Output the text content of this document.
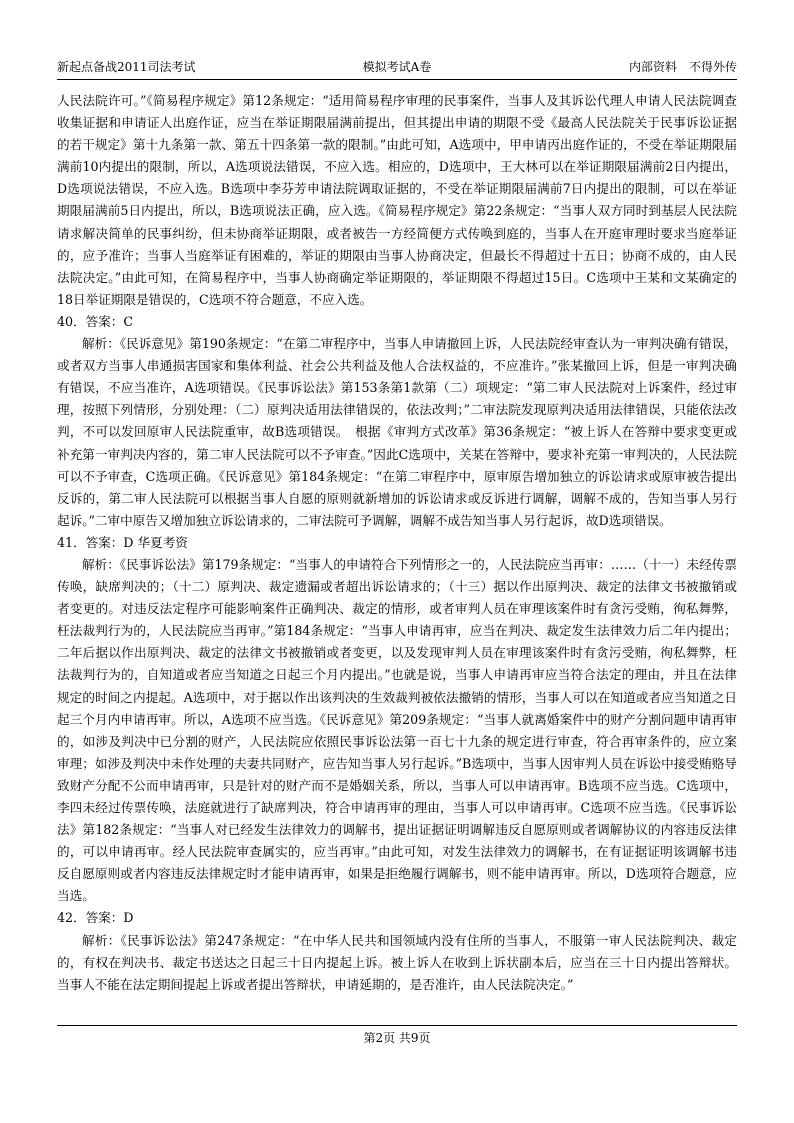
新起点备战2011司法考试	模拟考试A卷	内部资料　不得外传

人民法院许可。”《简易程序规定》第12条规定：“适用简易程序审理的民事案件，当事人及其诉讼代理人申请人民法院调查收集证据和申请证人出庭作证，应当在举证期限届满前提出，但其提出申请的期限不受《最高人民法院关于民事诉讼证据的若干规定》第十九条第一款、第五十四条第一款的限制。”由此可知，A选项中，甲申请丙出庭作证的，不受在举证期限届满前10内提出的限制，所以，A选项说法错误，不应入选。相应的，D选项中，王大林可以在举证期限届满前2日内提出，D选项说法错误，不应入选。B选项中李芬芳申请法院调取证据的，不受在举证期限届满前7日内提出的限制，可以在举证期限届满前5日内提出，所以，B选项说法正确，应入选。《简易程序规定》第22条规定：“当事人双方同时到基层人民法院请求解决简单的民事纠纷，但未协商举证期限，或者被告一方经简便方式传唤到庭的，当事人在开庭审理时要求当庭举证的，应予准许；当事人当庭举证有困难的，举证的期限由当事人协商决定，但最长不得超过十五日；协商不成的，由人民法院决定。”由此可知，在简易程序中，当事人协商确定举证期限的，举证期限不得超过15日。C选项中王某和文某确定的18日举证期限是错误的，C选项不符合题意，不应入选。

40．答案：C

解析：《民诉意见》第190条规定：“在第二审程序中，当事人申请撤回上诉，人民法院经审查认为一审判决确有错误，或者双方当事人串通损害国家和集体利益、社会公共利益及他人合法权益的，不应准许。”张某撤回上诉，但是一审判决确有错误，不应当准许，A选项错误。《民事诉讼法》第153条第1款第（二）项规定：“第二审人民法院对上诉案件，经过审理，按照下列情形，分别处理：（二）原判决适用法律错误的，依法改判；”二审法院发现原判决适用法律错误，只能依法改判，不可以发回原审人民法院重审，故B选项错误。　根据《审判方式改革》第36条规定：“被上诉人在答辩中要求变更或补充第一审判决内容的，第二审人民法院可以不予审查。”因此C选项中，关某在答辩中，要求补充第一审判决的，人民法院可以不予审查，C选项正确。《民诉意见》第184条规定：“在第二审程序中，原审原告增加独立的诉讼请求或原审被告提出反诉的，第二审人民法院可以根据当事人自愿的原则就新增加的诉讼请求或反诉进行调解，调解不成的，告知当事人另行起诉。”二审中原告又增加独立诉讼请求的，二审法院可予调解，调解不成告知当事人另行起诉，故D选项错误。

41．答案：D 华夏考资

解析：《民事诉讼法》第179条规定：“当事人的申请符合下列情形之一的，人民法院应当再审：……（十一）未经传票传唤，缺席判决的；（十二）原判决、裁定遗漏或者超出诉讼请求的；（十三）据以作出原判决、裁定的法律文书被撤销或者变更的。对违反法定程序可能影响案件正确判决、裁定的情形，或者审判人员在审理该案件时有贪污受贿，徇私舞弊，枉法裁判行为的，人民法院应当再审。”第184条规定：“当事人申请再审，应当在判决、裁定发生法律效力后二年内提出；二年后据以作出原判决、裁定的法律文书被撤销或者变更，以及发现审判人员在审理该案件时有贪污受贿，徇私舞弊，枉法裁判行为的，自知道或者应当知道之日起三个月内提出。”也就是说，当事人申请再审应当符合法定的理由，并且在法律规定的时间之内提起。A选项中，对于据以作出该判决的生效裁判被依法撤销的情形，当事人可以在知道或者应当知道之日起三个月内申请再审。所以，A选项不应当选。《民诉意见》第209条规定：“当事人就离婚案件中的财产分割问题申请再审的，如涉及判决中已分割的财产，人民法院应依照民事诉讼法第一百七十九条的规定进行审查，符合再审条件的，应立案审理；如涉及判决中未作处理的夫妻共同财产，应告知当事人另行起诉。”B选项中，当事人因审判人员在诉讼中接受贿赂导致财产分配不公而申请再审，只是针对的财产而不是婚姻关系，所以，当事人可以申请再审。B选项不应当选。C选项中，李四未经过传票传唤，法庭就进行了缺席判决，符合申请再审的理由，当事人可以申请再审。C选项不应当选。《民事诉讼法》第182条规定：“当事人对已经发生法律效力的调解书，提出证据证明调解违反自愿原则或者调解协议的内容违反法律的，可以申请再审。经人民法院审查属实的，应当再审。”由此可知，对发生法律效力的调解书，在有证据证明该调解书违反自愿原则或者内容违反法律规定时才能申请再审，如果是拒绝履行调解书，则不能申请再审。所以，D选项符合题意，应当选。

42．答案：D

解析：《民事诉讼法》第247条规定：“在中华人民共和国领域内没有住所的当事人，不服第一审人民法院判决、裁定的，有权在判决书、裁定书送达之日起三十日内提起上诉。被上诉人在收到上诉状副本后，应当在三十日内提出答辩状。当事人不能在法定期间提起上诉或者提出答辩状，申请延期的，是否准许，由人民法院决定。”

第2页 共9页
